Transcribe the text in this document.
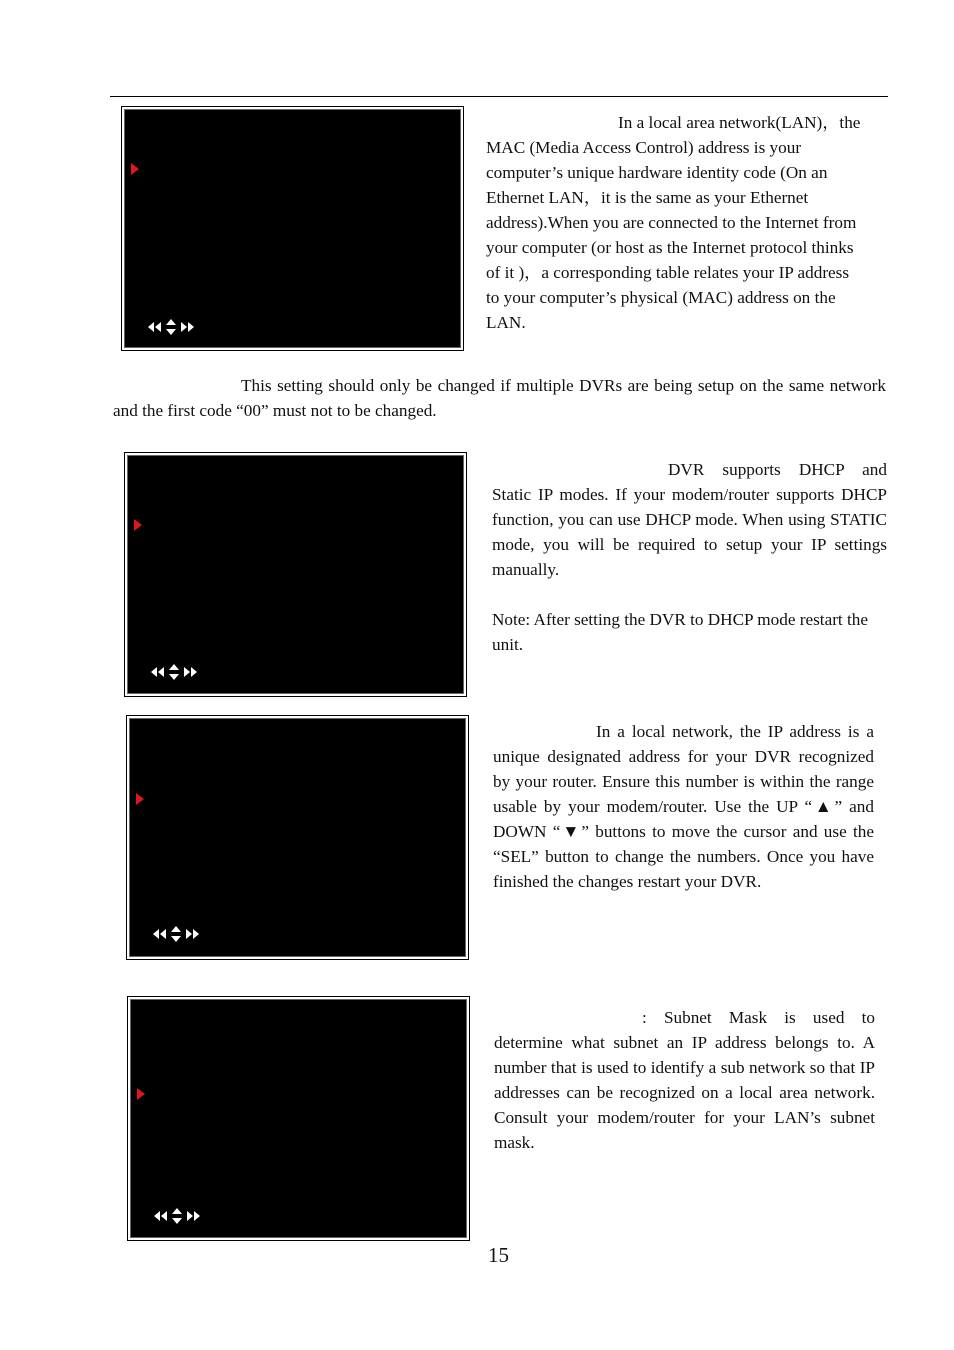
In a local area network(LAN)，the MAC (Media Access Control) address is your computer’s unique hardware identity code (On an Ethernet LAN，it is the same as your Ethernet address).When you are connected to the Internet from your computer (or host as the Internet protocol thinks of it )，a corresponding table relates your IP address to your computer’s physical (MAC) address on the LAN.

This setting should only be changed if multiple DVRs are being setup on the same network and the first code “00” must not to be changed.

DVR supports DHCP and Static IP modes. If your modem/router supports DHCP function, you can use DHCP mode. When using STATIC mode, you will be required to setup your IP settings manually.

Note: After setting the DVR to DHCP mode restart the unit.

In a local network, the IP address is a unique designated address for your DVR recognized by your router. Ensure this number is within the range usable by your modem/router. Use the UP “▲” and DOWN “▼” buttons to move the cursor and use the “SEL” button to change the numbers. Once you have finished the changes restart your DVR.

: Subnet Mask is used to determine what subnet an IP address belongs to. A number that is used to identify a sub network so that IP addresses can be recognized on a local area network. Consult your modem/router for your LAN’s subnet mask.

15
